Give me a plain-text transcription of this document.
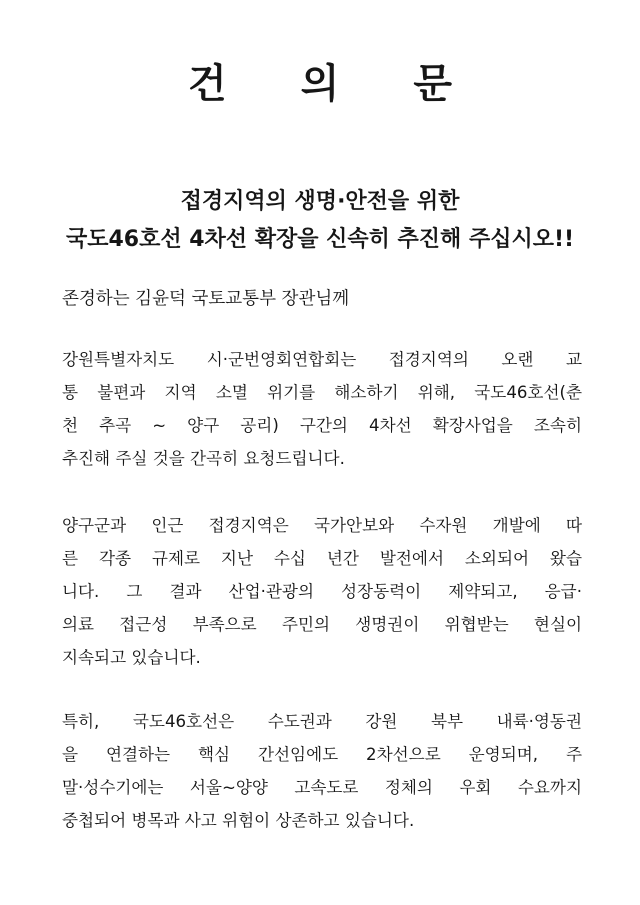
건 의 문
접경지역의 생명·안전을 위한
국도46호선 4차선 확장을 신속히 추진해 주십시오!!
존경하는 김윤덕 국토교통부 장관님께
강원특별자치도 시·군번영회연합회는 접경지역의 오랜 교
통 불편과 지역 소멸 위기를 해소하기 위해, 국도46호선(춘
천 추곡 ~ 양구 공리) 구간의 4차선 확장사업을 조속히
추진해 주실 것을 간곡히 요청드립니다.
양구군과 인근 접경지역은 국가안보와 수자원 개발에 따
른 각종 규제로 지난 수십 년간 발전에서 소외되어 왔습
니다. 그 결과 산업·관광의 성장동력이 제약되고, 응급·
의료 접근성 부족으로 주민의 생명권이 위협받는 현실이
지속되고 있습니다.
특히, 국도46호선은 수도권과 강원 북부 내륙·영동권
을 연결하는 핵심 간선임에도 2차선으로 운영되며, 주
말·성수기에는 서울~양양 고속도로 정체의 우회 수요까지
중첩되어 병목과 사고 위험이 상존하고 있습니다.
